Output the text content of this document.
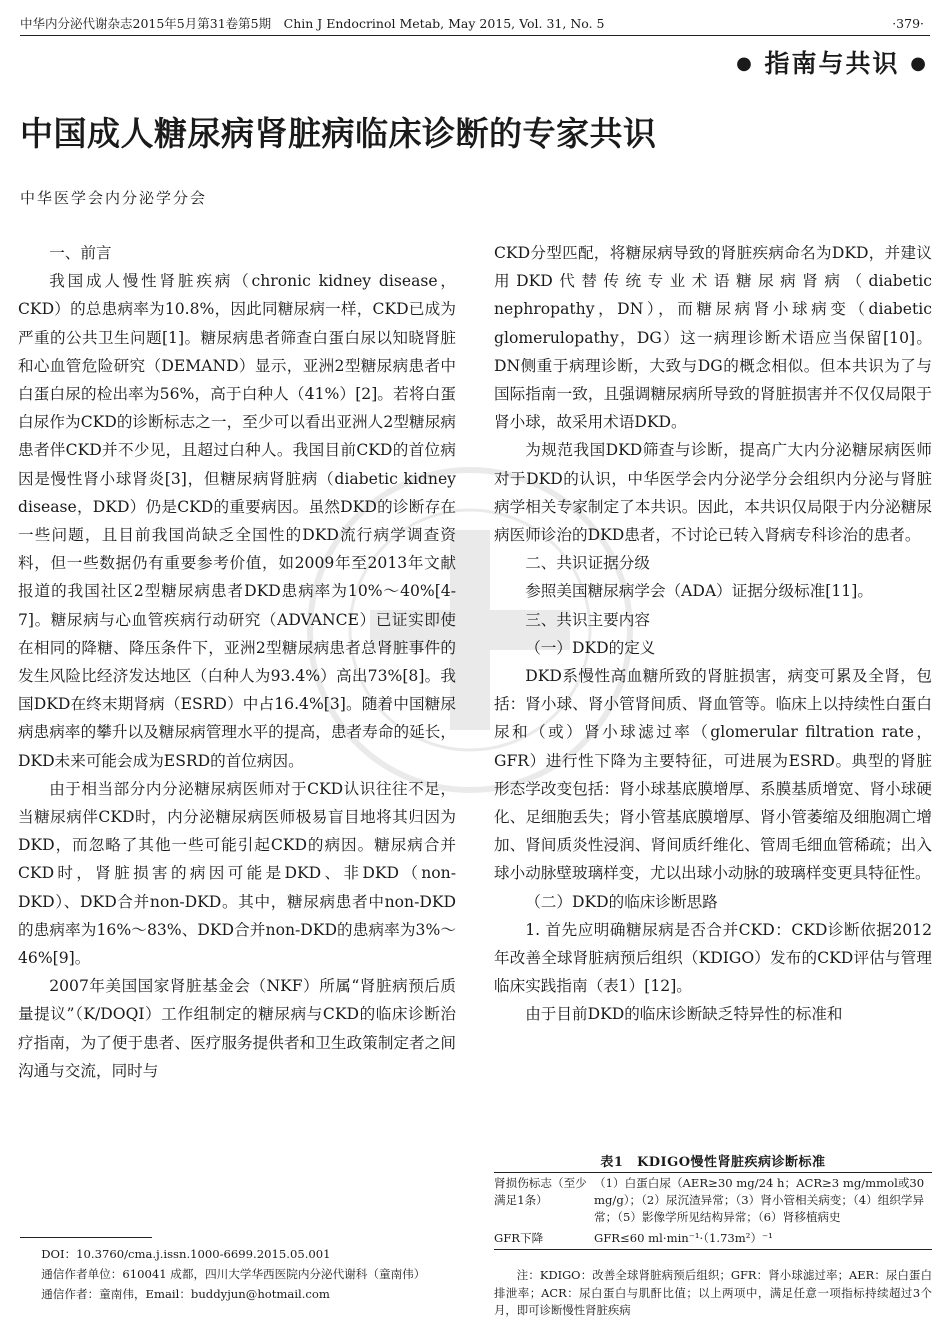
中华内分泌代谢杂志2015年5月第31卷第5期　Chin J Endocrinol Metab, May 2015, Vol. 31, No. 5	·379·
● 指南与共识 ●
中国成人糖尿病肾脏病临床诊断的专家共识
中华医学会内分泌学分会

一、前言

我国成人慢性肾脏疾病（chronic kidney disease，CKD）的总患病率为10.8%，因此同糖尿病一样，CKD已成为严重的公共卫生问题[1]。糖尿病患者筛查白蛋白尿以知晓肾脏和心血管危险研究（DEMAND）显示，亚洲2型糖尿病患者中白蛋白尿的检出率为56%，高于白种人（41%）[2]。若将白蛋白尿作为CKD的诊断标志之一，至少可以看出亚洲人2型糖尿病患者伴CKD并不少见，且超过白种人。我国目前CKD的首位病因是慢性肾小球肾炎[3]，但糖尿病肾脏病（diabetic kidney disease，DKD）仍是CKD的重要病因。虽然DKD的诊断存在一些问题，且目前我国尚缺乏全国性的DKD流行病学调查资料，但一些数据仍有重要参考价值，如2009年至2013年文献报道的我国社区2型糖尿病患者DKD患病率为10%～40%[4-7]。糖尿病与心血管疾病行动研究（ADVANCE）已证实即使在相同的降糖、降压条件下，亚洲2型糖尿病患者总肾脏事件的发生风险比经济发达地区（白种人为93.4%）高出73%[8]。我国DKD在终末期肾病（ESRD）中占16.4%[3]。随着中国糖尿病患病率的攀升以及糖尿病管理水平的提高，患者寿命的延长，DKD未来可能会成为ESRD的首位病因。

由于相当部分内分泌糖尿病医师对于CKD认识往往不足，当糖尿病伴CKD时，内分泌糖尿病医师极易盲目地将其归因为DKD，而忽略了其他一些可能引起CKD的病因。糖尿病合并CKD时，肾脏损害的病因可能是DKD、非DKD（non-DKD）、DKD合并non-DKD。其中，糖尿病患者中non-DKD的患病率为16%～83%、DKD合并non-DKD的患病率为3%～46%[9]。

2007年美国国家肾脏基金会（NKF）所属“肾脏病预后质量提议”（K/DOQI）工作组制定的糖尿病与CKD的临床诊断治疗指南，为了便于患者、医疗服务提供者和卫生政策制定者之间沟通与交流，同时与

CKD分型匹配，将糖尿病导致的肾脏疾病命名为DKD，并建议用DKD代替传统专业术语糖尿病肾病（diabetic nephropathy，DN），而糖尿病肾小球病变（diabetic glomerulopathy，DG）这一病理诊断术语应当保留[10]。DN侧重于病理诊断，大致与DG的概念相似。但本共识为了与国际指南一致，且强调糖尿病所导致的肾脏损害并不仅仅局限于肾小球，故采用术语DKD。

为规范我国DKD筛查与诊断，提高广大内分泌糖尿病医师对于DKD的认识，中华医学会内分泌学分会组织内分泌与肾脏病学相关专家制定了本共识。因此，本共识仅局限于内分泌糖尿病医师诊治的DKD患者，不讨论已转入肾病专科诊治的患者。

二、共识证据分级

参照美国糖尿病学会（ADA）证据分级标准[11]。

三、共识主要内容

（一）DKD的定义

DKD系慢性高血糖所致的肾脏损害，病变可累及全肾，包括：肾小球、肾小管肾间质、肾血管等。临床上以持续性白蛋白尿和（或）肾小球滤过率（glomerular filtration rate，GFR）进行性下降为主要特征，可进展为ESRD。典型的肾脏形态学改变包括：肾小球基底膜增厚、系膜基质增宽、肾小球硬化、足细胞丢失；肾小管基底膜增厚、肾小管萎缩及细胞凋亡增加、肾间质炎性浸润、肾间质纤维化、管周毛细血管稀疏；出入球小动脉壁玻璃样变，尤以出球小动脉的玻璃样变更具特征性。

（二）DKD的临床诊断思路

1. 首先应明确糖尿病是否合并CKD：CKD诊断依据2012年改善全球肾脏病预后组织（KDIGO）发布的CKD评估与管理临床实践指南（表1）[12]。

由于目前DKD的临床诊断缺乏特异性的标准和

表1　KDIGO慢性肾脏疾病诊断标准
肾损伤标志（至少满足1条）
（1）白蛋白尿（AER≥30 mg/24 h；ACR≥3 mg/mmol或30 mg/g）；（2）尿沉渣异常；（3）肾小管相关病变；（4）组织学异常；（5）影像学所见结构异常；（6）肾移植病史
GFR下降	GFR≤60 ml·min⁻¹·（1.73m²）⁻¹
注：KDIGO：改善全球肾脏病预后组织；GFR：肾小球滤过率；AER：尿白蛋白排泄率；ACR：尿白蛋白与肌酐比值；以上两项中，满足任意一项指标持续超过3个月，即可诊断慢性肾脏疾病

DOI：10.3760/cma.j.issn.1000-6699.2015.05.001

通信作者单位：610041 成都，四川大学华西医院内分泌代谢科（童南伟）

通信作者：童南伟，Email：buddyjun@hotmail.com
